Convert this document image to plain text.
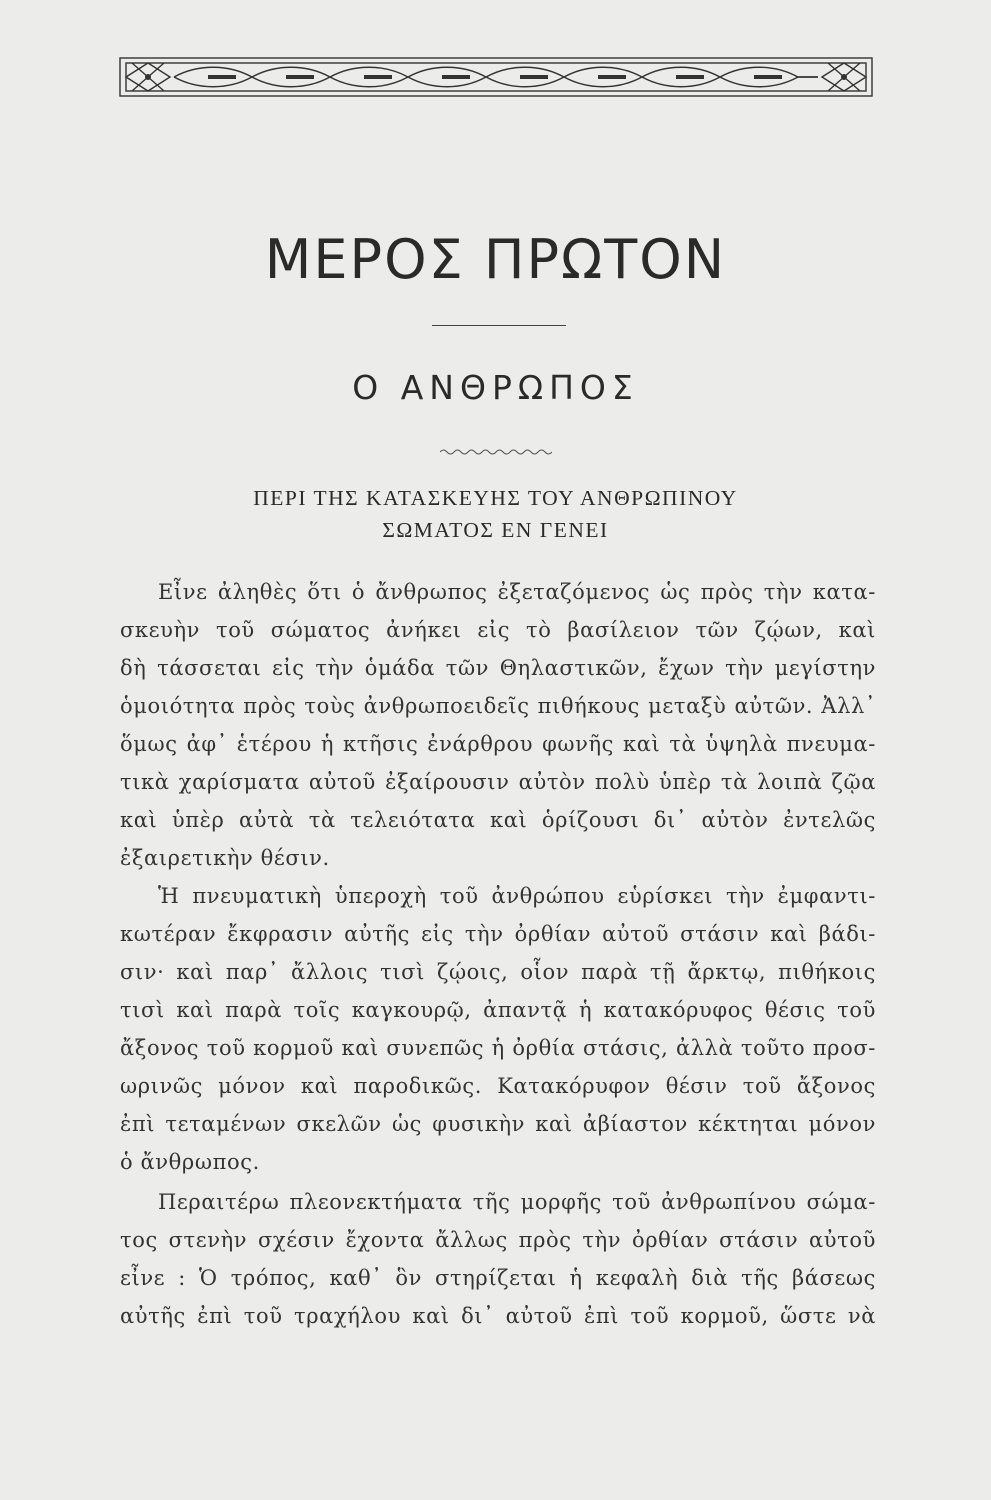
ΜΕΡΟΣ ΠΡΩΤΟΝ
Ο ΑΝΘΡΩΠΟΣ
ΠΕΡΙ ΤΗΣ ΚΑΤΑΣΚΕΥΗΣ ΤΟΥ ΑΝΘΡΩΠΙΝΟΥ
ΣΩΜΑΤΟΣ ΕΝ ΓΕΝΕΙ
Εἶνε ἀληθὲς ὅτι ὁ ἄνθρωπος ἐξεταζόμενος ὡς πρὸς τὴν κατα-
σκευὴν τοῦ σώματος ἀνήκει εἰς τὸ βασίλειον τῶν ζῴων, καὶ
δὴ τάσσεται εἰς τὴν ὁμάδα τῶν Θηλαστικῶν, ἔχων τὴν μεγίστην
ὁμοιότητα πρὸς τοὺς ἀνθρωποειδεῖς πιθήκους μεταξὺ αὐτῶν. Ἀλλ᾽
ὅμως ἀφ᾽ ἑτέρου ἡ κτῆσις ἐνάρθρου φωνῆς καὶ τὰ ὑψηλὰ πνευμα-
τικὰ χαρίσματα αὐτοῦ ἐξαίρουσιν αὐτὸν πολὺ ὑπὲρ τὰ λοιπὰ ζῷα
καὶ ὑπὲρ αὐτὰ τὰ τελειότατα καὶ ὁρίζουσι δι᾽ αὐτὸν ἐντελῶς
ἐξαιρετικὴν θέσιν.
Ἡ πνευματικὴ ὑπεροχὴ τοῦ ἀνθρώπου εὑρίσκει τὴν ἐμφαντι-
κωτέραν ἔκφρασιν αὐτῆς εἰς τὴν ὀρθίαν αὐτοῦ στάσιν καὶ βάδι-
σιν· καὶ παρ᾽ ἄλλοις τισὶ ζῴοις, οἷον παρὰ τῇ ἄρκτῳ, πιθήκοις
τισὶ καὶ παρὰ τοῖς καγκουρῷ, ἀπαντᾷ ἡ κατακόρυφος θέσις τοῦ
ἄξονος τοῦ κορμοῦ καὶ συνεπῶς ἡ ὀρθία στάσις, ἀλλὰ τοῦτο προσ-
ωρινῶς μόνον καὶ παροδικῶς. Κατακόρυφον θέσιν τοῦ ἄξονος
ἐπὶ τεταμένων σκελῶν ὡς φυσικὴν καὶ ἀβίαστον κέκτηται μόνον
ὁ ἄνθρωπος.
Περαιτέρω πλεονεκτήματα τῆς μορφῆς τοῦ ἀνθρωπίνου σώμα-
τος στενὴν σχέσιν ἔχοντα ἄλλως πρὸς τὴν ὀρθίαν στάσιν αὐτοῦ
εἶνε : Ὁ τρόπος, καθ᾽ ὃν στηρίζεται ἡ κεφαλὴ διὰ τῆς βάσεως
αὐτῆς ἐπὶ τοῦ τραχήλου καὶ δι᾽ αὐτοῦ ἐπὶ τοῦ κορμοῦ, ὥστε νὰ
